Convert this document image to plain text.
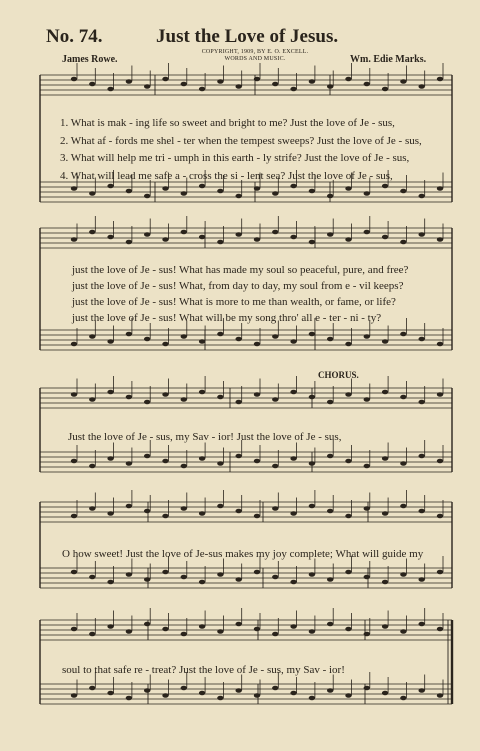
No. 74.	Just the Love of Jesus.
James Rowe.
COPYRIGHT, 1909, BY E. O. EXCELL.
WORDS AND MUSIC.	Wm. Edie Marks.
1. What is mak - ing life so sweet and bright to me? Just the love of Je - sus,
2. What af - fords me shel - ter when the tempest sweeps? Just the love of Je - sus,
3. What will help me tri - umph in this earth - ly strife? Just the love of Je - sus,
4. What will lead me safe a - cross the si - lent sea? Just the love of Je - sus,
just the love of Je - sus! What has made my soul so peaceful, pure, and free?
just the love of Je - sus! What, from day to day, my soul from e - vil keeps?
just the love of Je - sus! What is more to me than wealth, or fame, or life?
just the love of Je - sus! What will be my song thro' all e - ter - ni - ty?
CHORUS.
Just the love of Je - sus, my Sav - ior! Just the love of Je - sus,
O how sweet! Just the love of Je-sus makes my joy complete; What will guide my
soul to that safe re - treat? Just the love of Je - sus, my Sav - ior!
